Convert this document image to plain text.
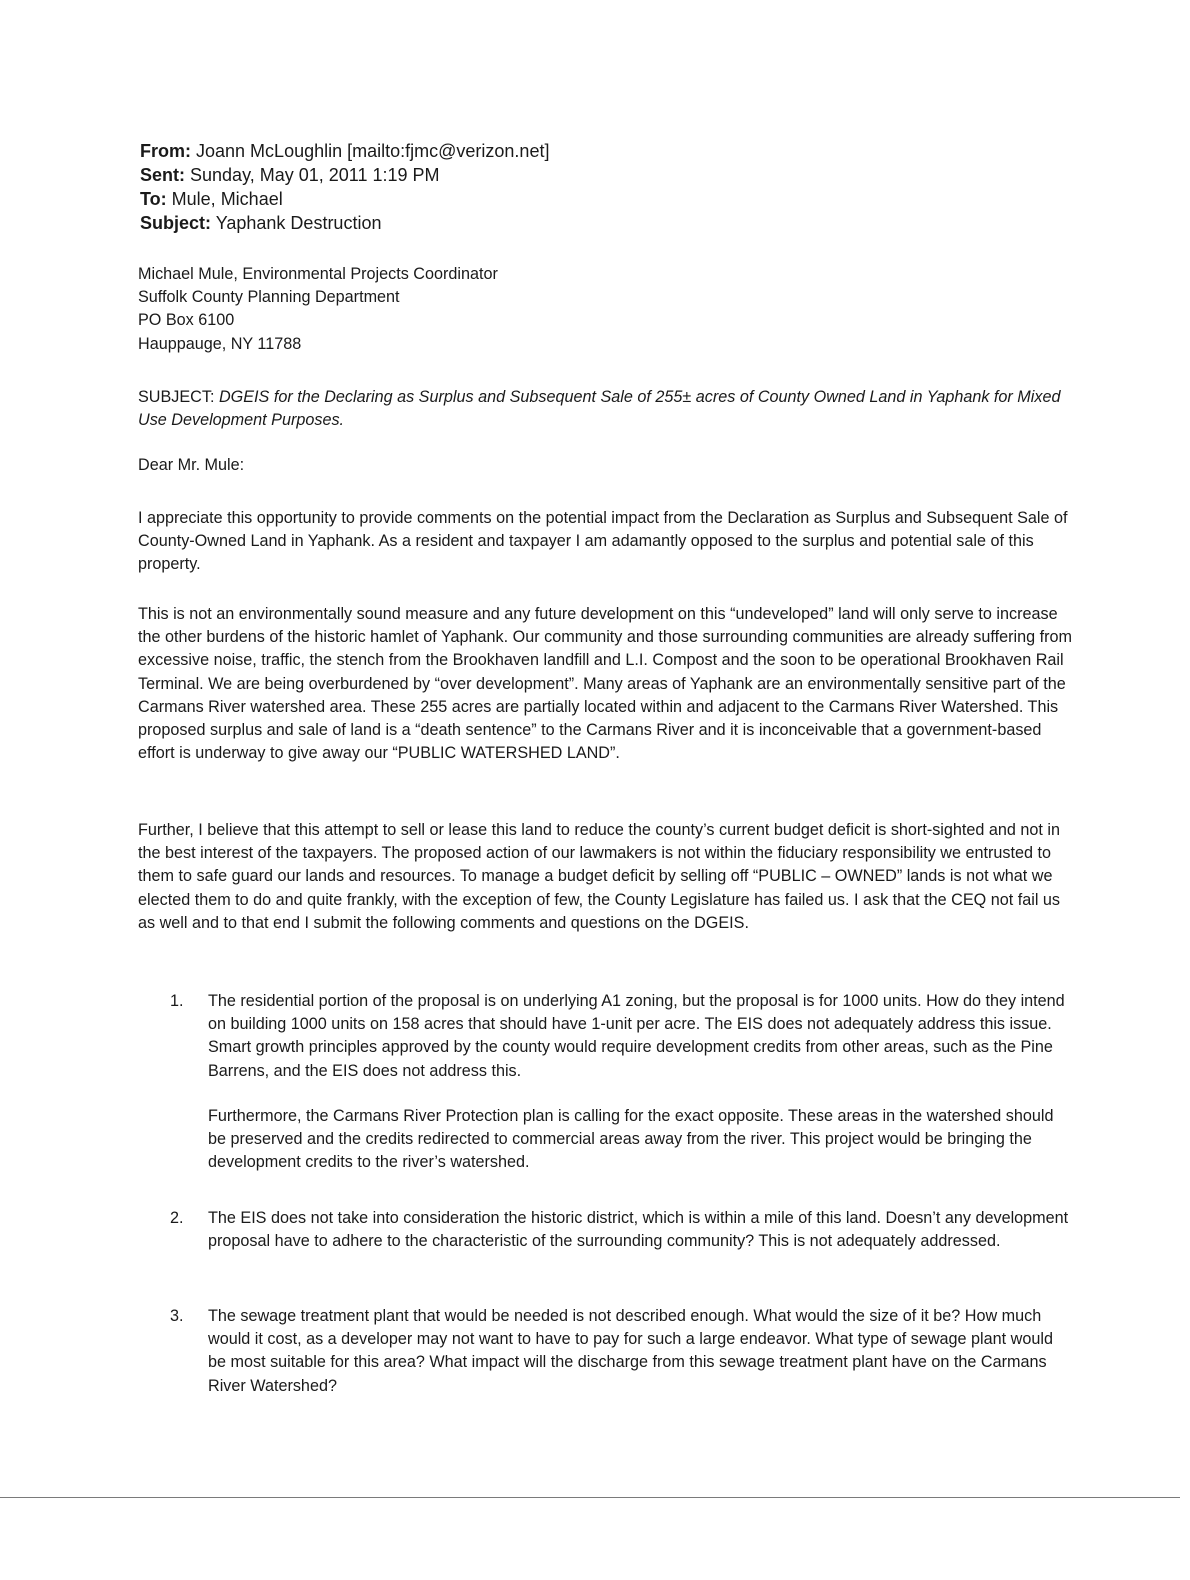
From: Joann McLoughlin [mailto:fjmc@verizon.net]
Sent: Sunday, May 01, 2011 1:19 PM
To: Mule, Michael
Subject: Yaphank Destruction
Michael Mule, Environmental Projects Coordinator
Suffolk County Planning Department
PO Box 6100
Hauppauge, NY 11788
SUBJECT: DGEIS for the Declaring as Surplus and Subsequent Sale of 255± acres of County Owned Land in Yaphank for Mixed Use Development Purposes.
Dear Mr. Mule:
I appreciate this opportunity to provide comments on the potential impact from the Declaration as Surplus and Subsequent Sale of County-Owned Land in Yaphank. As a resident and taxpayer I am adamantly opposed to the surplus and potential sale of this property.
This is not an environmentally sound measure and any future development on this “undeveloped” land will only serve to increase the other burdens of the historic hamlet of Yaphank. Our community and those surrounding communities are already suffering from excessive noise, traffic, the stench from the Brookhaven landfill and L.I. Compost and the soon to be operational Brookhaven Rail Terminal. We are being overburdened by “over development”. Many areas of Yaphank are an environmentally sensitive part of the Carmans River watershed area. These 255 acres are partially located within and adjacent to the Carmans River Watershed. This proposed surplus and sale of land is a “death sentence” to the Carmans River and it is inconceivable that a government-based effort is underway to give away our “PUBLIC WATERSHED LAND”.
Further, I believe that this attempt to sell or lease this land to reduce the county’s current budget deficit is short-sighted and not in the best interest of the taxpayers. The proposed action of our lawmakers is not within the fiduciary responsibility we entrusted to them to safe guard our lands and resources. To manage a budget deficit by selling off “PUBLIC – OWNED” lands is not what we elected them to do and quite frankly, with the exception of few, the County Legislature has failed us. I ask that the CEQ not fail us as well and to that end I submit the following comments and questions on the DGEIS.
1. The residential portion of the proposal is on underlying A1 zoning, but the proposal is for 1000 units. How do they intend on building 1000 units on 158 acres that should have 1-unit per acre. The EIS does not adequately address this issue. Smart growth principles approved by the county would require development credits from other areas, such as the Pine Barrens, and the EIS does not address this.
Furthermore, the Carmans River Protection plan is calling for the exact opposite. These areas in the watershed should be preserved and the credits redirected to commercial areas away from the river. This project would be bringing the development credits to the river’s watershed.
2. The EIS does not take into consideration the historic district, which is within a mile of this land. Doesn’t any development proposal have to adhere to the characteristic of the surrounding community? This is not adequately addressed.
3. The sewage treatment plant that would be needed is not described enough. What would the size of it be? How much would it cost, as a developer may not want to have to pay for such a large endeavor. What type of sewage plant would be most suitable for this area? What impact will the discharge from this sewage treatment plant have on the Carmans River Watershed?
